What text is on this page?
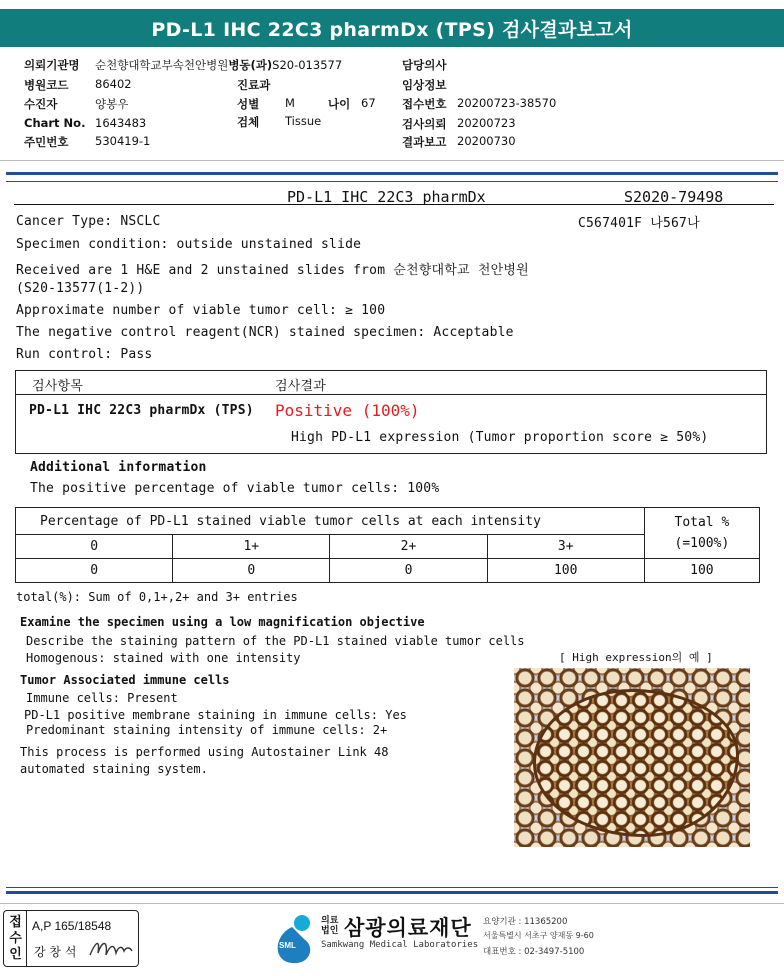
PD-L1 IHC 22C3 pharmDx (TPS) 검사결과보고서
의뢰기관명 순천향대학교부속천안병원병동(과)S20-013577	담당의사
병원코드 86402	진료과	임상정보
수진자	양봉우	성별 M	나이 67 접수번호 20200723-38570
Chart No. 1643483	검체 Tissue	검사의뢰 20200723
주민번호 530419-1	결과보고 20200730
PD-L1 IHC 22C3 pharmDx	S2020-79498
Cancer Type: NSCLC	C567401F 나567나
Specimen condition: outside unstained slide
Received are 1 H&E and 2 unstained slides from 순천향대학교 천안병원
(S20-13577(1-2))
Approximate number of viable tumor cell: ≥ 100
The negative control reagent(NCR) stained specimen: Acceptable
Run control: Pass
검사항목	검사결과
PD-L1 IHC 22C3 pharmDx (TPS) Positive (100%)
High PD-L1 expression (Tumor proportion score ≥ 50%)
Additional information
The positive percentage of viable tumor cells: 100%
Percentage of PD-L1 stained viable tumor cells at each intensity				Total %
(=100%)

0	1+	2+	3+	
0	0	0	100	100
total(%): Sum of 0,1+,2+ and 3+ entries
Examine the specimen using a low magnification objective
Describe the staining pattern of the PD-L1 stained viable tumor cells
Homogenous: stained with one intensity	[ High expression의 예 ]
Tumor Associated immune cells
Immune cells: Present
PD-L1 positive membrane staining in immune cells: Yes
Predominant staining intensity of immune cells: 2+
This process is performed using Autostainer Link 48
automated staining system.
접수인
A,P 165/18548
강 창 석	SML
의료법인 삼광의료재단
Samkwang Medical Laboratories
요양기관 : 11365200
서울특별시 서초구 양재동 9-60
대표번호 : 02-3497-5100
